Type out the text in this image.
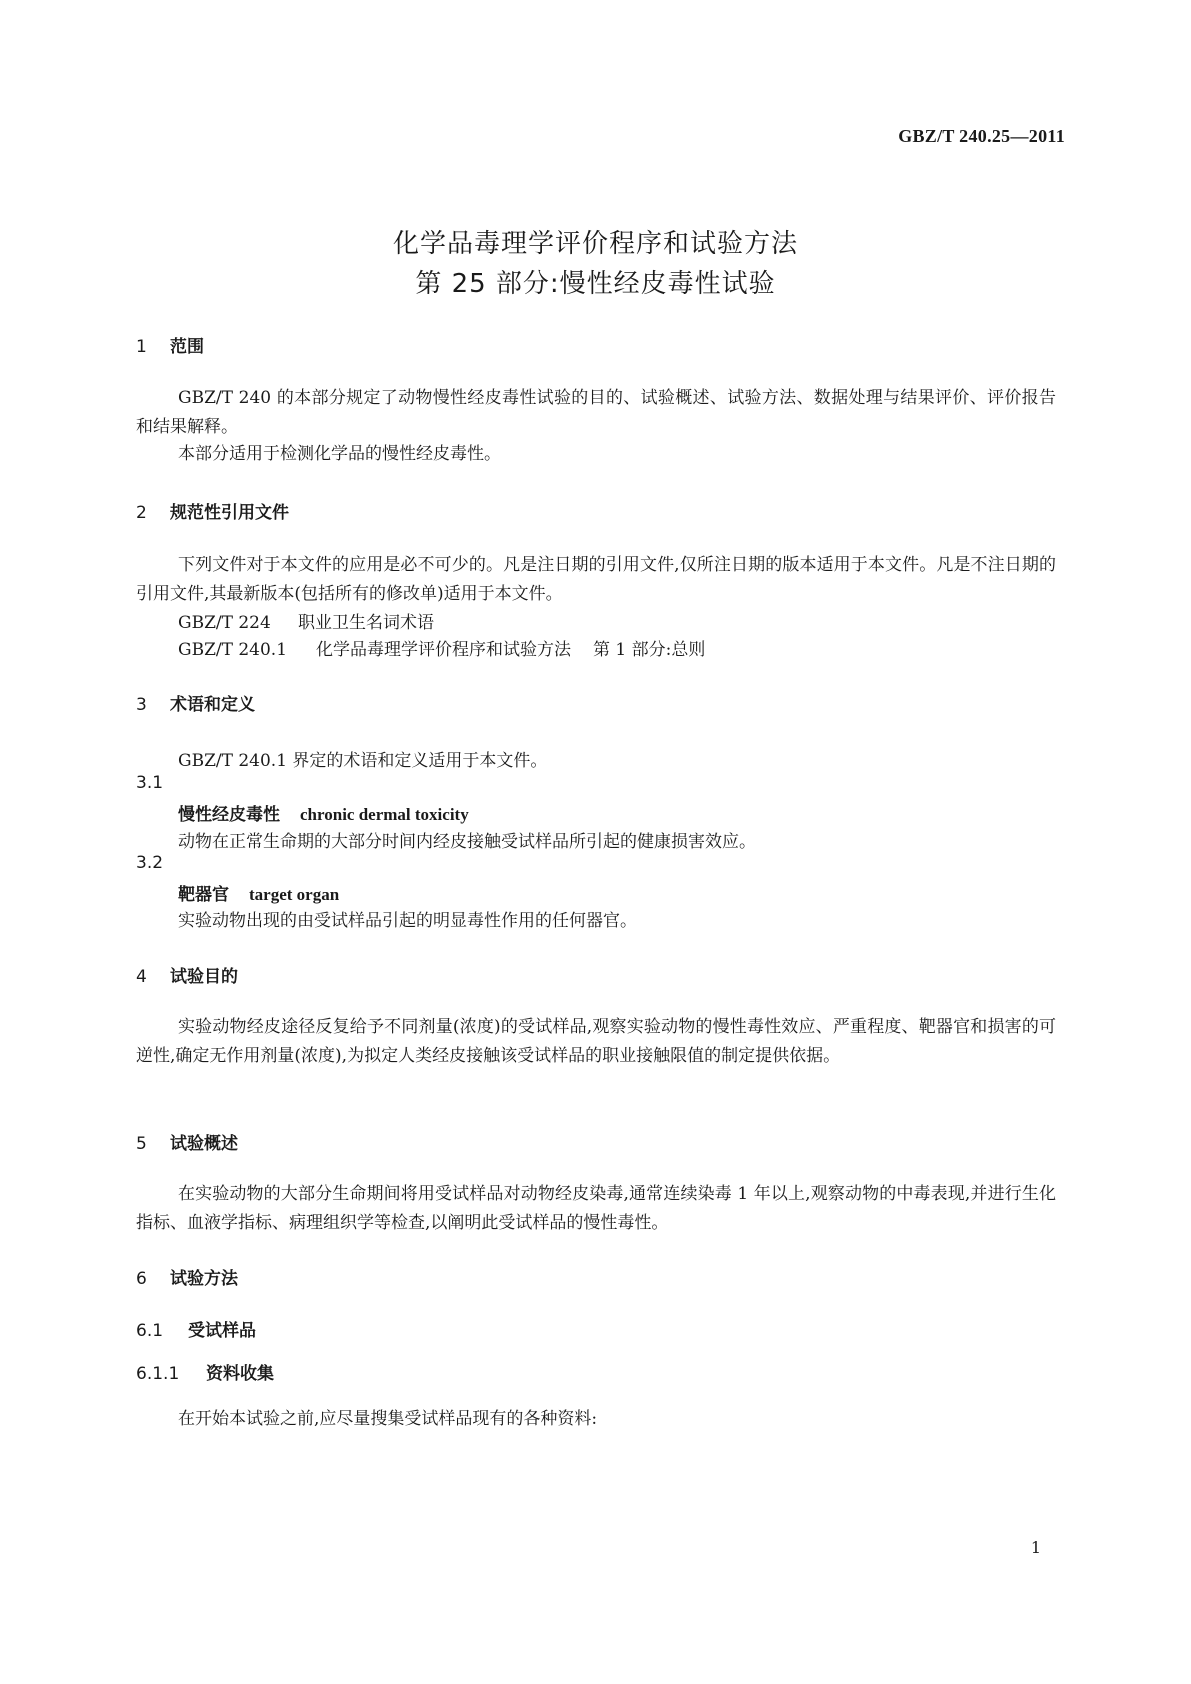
GBZ/T 240.25—2011
化学品毒理学评价程序和试验方法
第 25 部分:慢性经皮毒性试验
1 范围
GBZ/T 240 的本部分规定了动物慢性经皮毒性试验的目的、试验概述、试验方法、数据处理与结果评价、评价报告和结果解释。
本部分适用于检测化学品的慢性经皮毒性。
2 规范性引用文件
下列文件对于本文件的应用是必不可少的。凡是注日期的引用文件,仅所注日期的版本适用于本文件。凡是不注日期的引用文件,其最新版本(包括所有的修改单)适用于本文件。
GBZ/T 224 职业卫生名词术语
GBZ/T 240.1 化学品毒理学评价程序和试验方法 第 1 部分:总则
3 术语和定义
GBZ/T 240.1 界定的术语和定义适用于本文件。
3.1
慢性经皮毒性 chronic dermal toxicity
动物在正常生命期的大部分时间内经皮接触受试样品所引起的健康损害效应。
3.2
靶器官 target organ
实验动物出现的由受试样品引起的明显毒性作用的任何器官。
4 试验目的
实验动物经皮途径反复给予不同剂量(浓度)的受试样品,观察实验动物的慢性毒性效应、严重程度、靶器官和损害的可逆性,确定无作用剂量(浓度),为拟定人类经皮接触该受试样品的职业接触限值的制定提供依据。
5 试验概述
在实验动物的大部分生命期间将用受试样品对动物经皮染毒,通常连续染毒 1 年以上,观察动物的中毒表现,并进行生化指标、血液学指标、病理组织学等检查,以阐明此受试样品的慢性毒性。
6 试验方法
6.1 受试样品
6.1.1 资料收集
在开始本试验之前,应尽量搜集受试样品现有的各种资料:
1
